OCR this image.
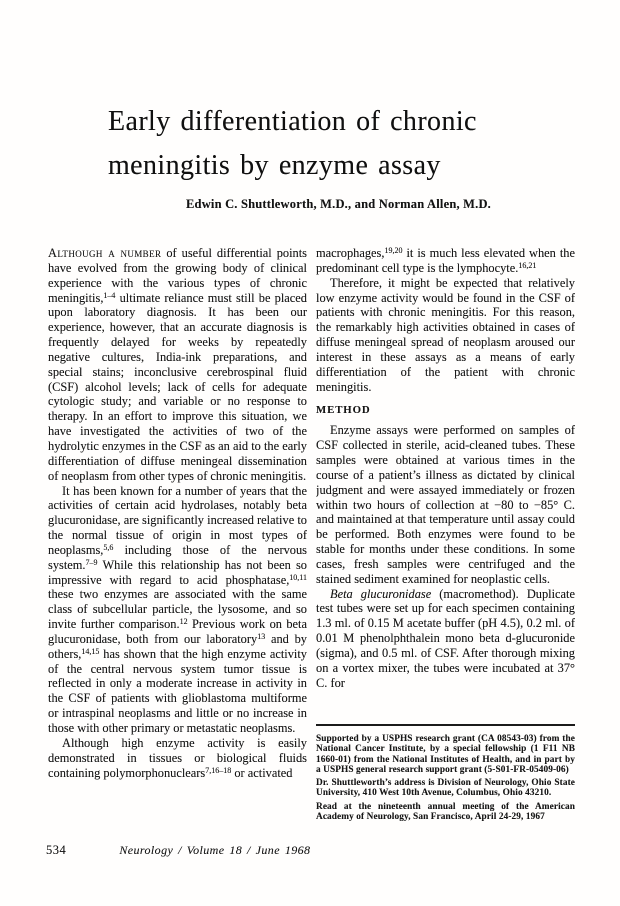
Early differentiation of chronic
meningitis by enzyme assay
Edwin C. Shuttleworth, M.D., and Norman Allen, M.D.

Although a number of useful differential points have evolved from the growing body of clinical experience with the various types of chronic meningitis,$^{1-4}$ ultimate reliance must still be placed upon laboratory diagnosis. It has been our experience, however, that an accurate diagnosis is frequently delayed for weeks by repeatedly negative cultures, India-ink preparations, and special stains; inconclusive cerebrospinal fluid (CSF) alcohol levels; lack of cells for adequate cytologic study; and variable or no response to therapy. In an effort to improve this situation, we have investigated the activities of two of the hydrolytic enzymes in the CSF as an aid to the early differentiation of diffuse meningeal dissemination of neoplasm from other types of chronic meningitis.

It has been known for a number of years that the activities of certain acid hydrolases, notably beta glucuronidase, are significantly increased relative to the normal tissue of origin in most types of neoplasms,$^{5,6}$ including those of the nervous system.$^{7-9}$ While this relationship has not been so impressive with regard to acid phosphatase,$^{10,11}$ these two enzymes are associated with the same class of subcellular particle, the lysosome, and so invite further comparison.$^{12}$ Previous work on beta glucuronidase, both from our laboratory$^{13}$ and by others,$^{14,15}$ has shown that the high enzyme activity of the central nervous system tumor tissue is reflected in only a moderate increase in activity in the CSF of patients with glioblastoma multiforme or intraspinal neoplasms and little or no increase in those with other primary or metastatic neoplasms.

Although high enzyme activity is easily demonstrated in tissues or biological fluids containing polymorphonuclears$^{7,16-18}$ or activated

macrophages,$^{19,20}$ it is much less elevated when the predominant cell type is the lymphocyte.$^{16,21}$

Therefore, it might be expected that relatively low enzyme activity would be found in the CSF of patients with chronic meningitis. For this reason, the remarkably high activities obtained in cases of diffuse meningeal spread of neoplasm aroused our interest in these assays as a means of early differentiation of the patient with chronic meningitis.

METHOD

Enzyme assays were performed on samples of CSF collected in sterile, acid-cleaned tubes. These samples were obtained at various times in the course of a patient’s illness as dictated by clinical judgment and were assayed immediately or frozen within two hours of collection at −80 to −85° C. and maintained at that temperature until assay could be performed. Both enzymes were found to be stable for months under these conditions. In some cases, fresh samples were centrifuged and the stained sediment examined for neoplastic cells.

Beta glucuronidase (macromethod). Duplicate test tubes were set up for each specimen containing 1.3 ml. of 0.15 M acetate buffer (pH 4.5), 0.2 ml. of 0.01 M phenolphthalein mono beta d-glucuronide (sigma), and 0.5 ml. of CSF. After thorough mixing on a vortex mixer, the tubes were incubated at 37° C. for

Supported by a USPHS research grant (CA 08543-03) from the National Cancer Institute, by a special fellowship (1 F11 NB 1660-01) from the National Institutes of Health, and in part by a USPHS general research support grant (5-S01-FR-05409-06)

Dr. Shuttleworth’s address is Division of Neurology, Ohio State University, 410 West 10th Avenue, Columbus, Ohio 43210.

Read at the nineteenth annual meeting of the American Academy of Neurology, San Francisco, April 24-29, 1967

534	Neurology / Volume 18 / June 1968
